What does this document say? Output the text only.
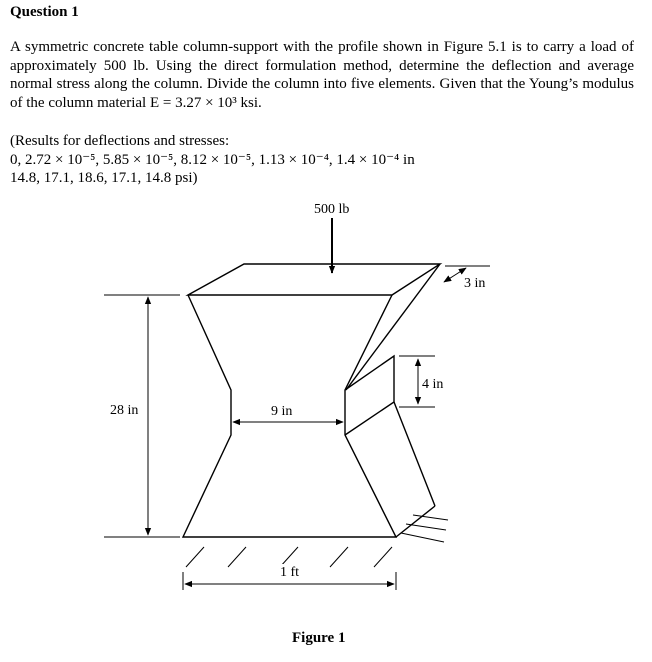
Question 1
A symmetric concrete table column-support with the profile shown in Figure 5.1 is to carry a load of approximately 500 lb. Using the direct formulation method, determine the deflection and average normal stress along the column. Divide the column into five elements. Given that the Young’s modulus of the column material E = 3.27 × 10³ ksi.
(Results for deflections and stresses:
0, 2.72 × 10⁻⁵, 5.85 × 10⁻⁵, 8.12 × 10⁻⁵, 1.13 × 10⁻⁴, 1.4 × 10⁻⁴ in
14.8, 17.1, 18.6, 17.1, 14.8 psi)
500 lb
3 in
4 in
28 in	9 in
1 ft
Figure 1
